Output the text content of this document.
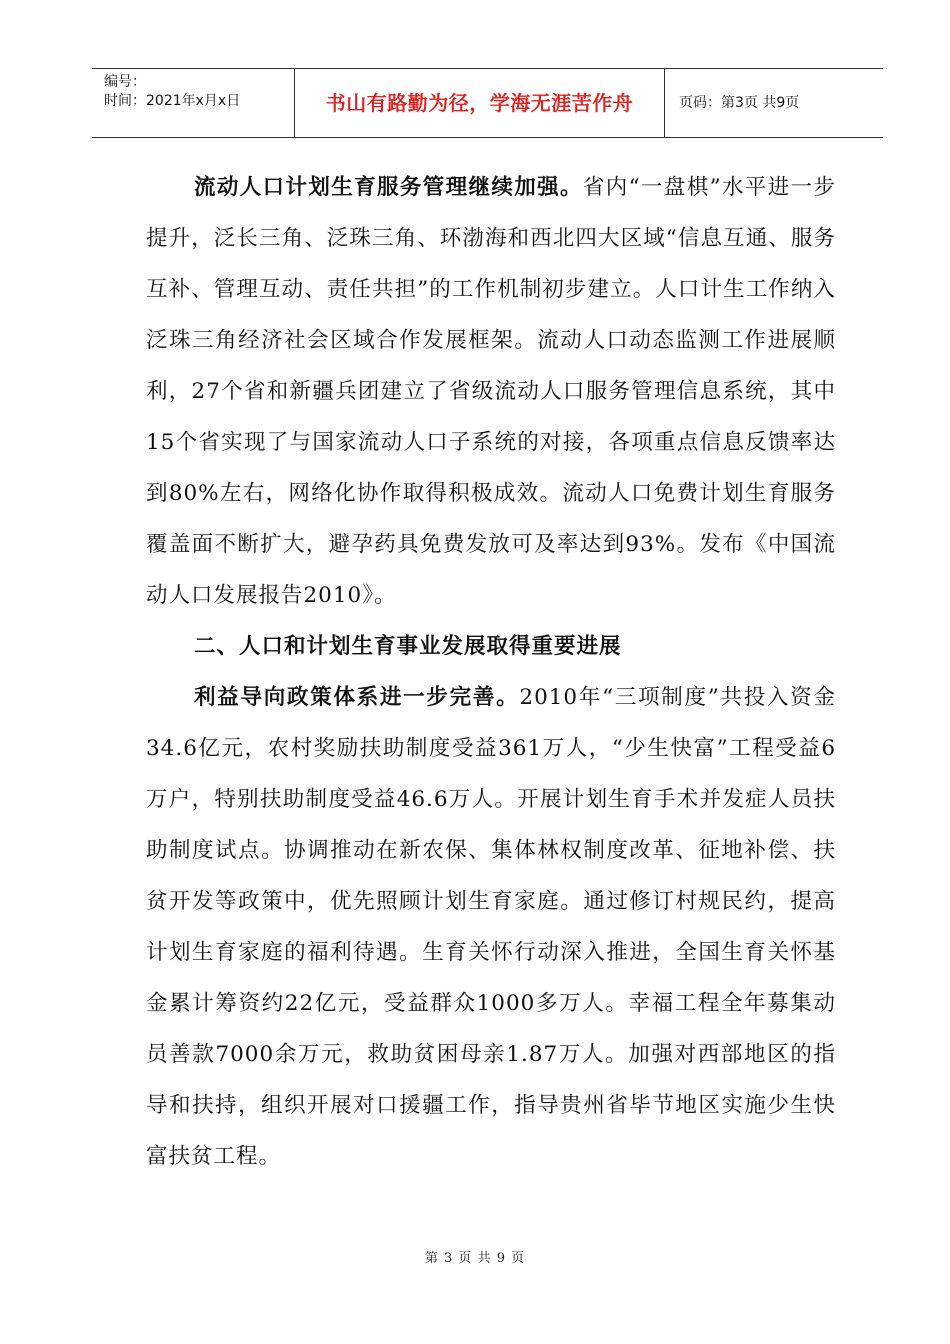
编号：
时间：2021年x月x日	书山有路勤为径，学海无涯苦作舟	页码：第3页 共9页

流动人口计划生育服务管理继续加强。省内“一盘棋”水平进一步提升，泛长三角、泛珠三角、环渤海和西北四大区域“信息互通、服务互补、管理互动、责任共担”的工作机制初步建立。人口计生工作纳入泛珠三角经济社会区域合作发展框架。流动人口动态监测工作进展顺利，27个省和新疆兵团建立了省级流动人口服务管理信息系统，其中15个省实现了与国家流动人口子系统的对接，各项重点信息反馈率达到80%左右，网络化协作取得积极成效。流动人口免费计划生育服务覆盖面不断扩大，避孕药具免费发放可及率达到93%。发布《中国流动人口发展报告2010》。

二、人口和计划生育事业发展取得重要进展

利益导向政策体系进一步完善。2010年“三项制度”共投入资金34.6亿元，农村奖励扶助制度受益361万人，“少生快富”工程受益6万户，特别扶助制度受益46.6万人。开展计划生育手术并发症人员扶助制度试点。协调推动在新农保、集体林权制度改革、征地补偿、扶贫开发等政策中，优先照顾计划生育家庭。通过修订村规民约，提高计划生育家庭的福利待遇。生育关怀行动深入推进，全国生育关怀基金累计筹资约22亿元，受益群众1000多万人。幸福工程全年募集动员善款7000余万元，救助贫困母亲1.87万人。加强对西部地区的指导和扶持，组织开展对口援疆工作，指导贵州省毕节地区实施少生快富扶贫工程。

第 3 页 共 9 页
